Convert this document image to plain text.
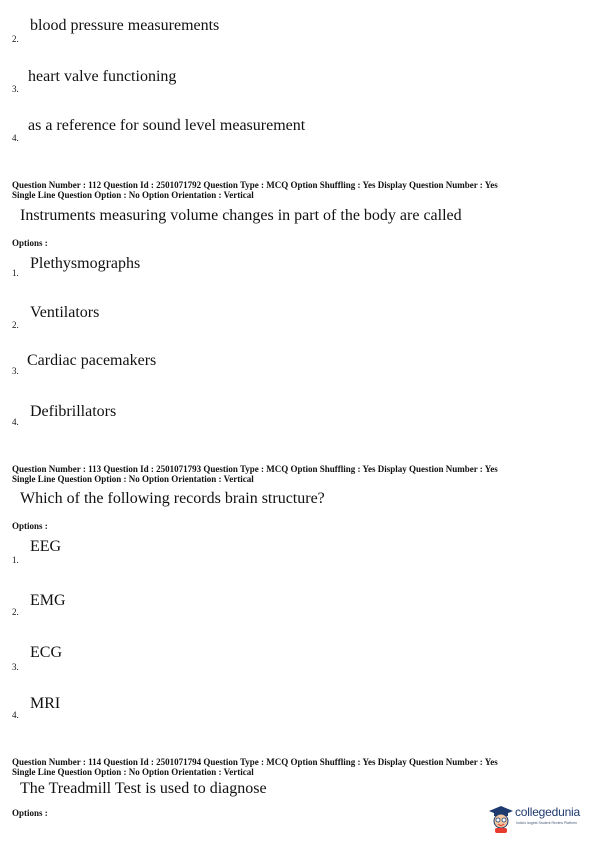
blood pressure measurements
2.
heart valve functioning
3.
as a reference for sound level measurement
4.
Question Number : 112 Question Id : 2501071792 Question Type : MCQ Option Shuffling : Yes Display Question Number : Yes
Single Line Question Option : No Option Orientation : Vertical
Instruments measuring volume changes in part of the body are called
Options :
Plethysmographs
1.
Ventilators
2.
Cardiac pacemakers
3.
Defibrillators
4.
Question Number : 113 Question Id : 2501071793 Question Type : MCQ Option Shuffling : Yes Display Question Number : Yes
Single Line Question Option : No Option Orientation : Vertical
Which of the following records brain structure?
Options :
EEG
1.
EMG
2.
ECG
3.
MRI
4.
Question Number : 114 Question Id : 2501071794 Question Type : MCQ Option Shuffling : Yes Display Question Number : Yes
Single Line Question Option : No Option Orientation : Vertical
The Treadmill Test is used to diagnose
Options :	collegedunia
India's largest Student Review Platform
